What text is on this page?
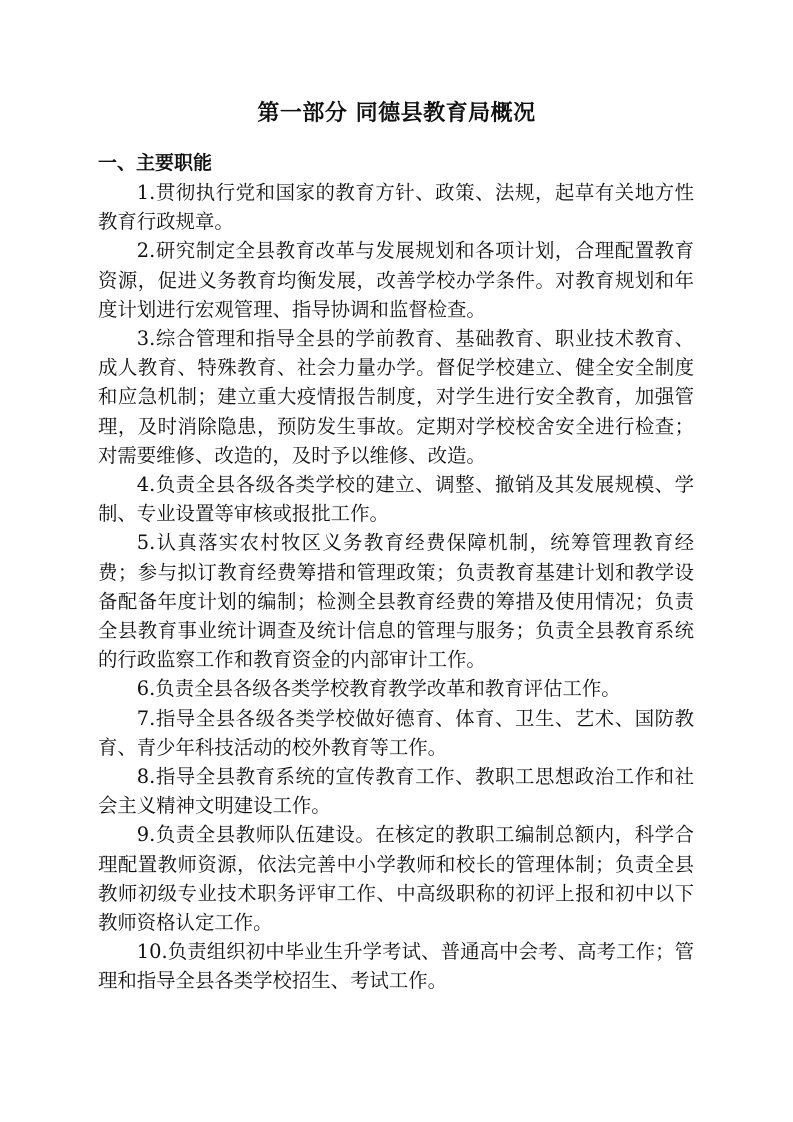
第一部分 同德县教育局概况
一、主要职能

1.贯彻执行党和国家的教育方针、政策、法规，起草有关地方性教育行政规章。

2.研究制定全县教育改革与发展规划和各项计划，合理配置教育资源，促进义务教育均衡发展，改善学校办学条件。对教育规划和年度计划进行宏观管理、指导协调和监督检查。

3.综合管理和指导全县的学前教育、基础教育、职业技术教育、成人教育、特殊教育、社会力量办学。督促学校建立、健全安全制度和应急机制；建立重大疫情报告制度，对学生进行安全教育，加强管理，及时消除隐患，预防发生事故。定期对学校校舍安全进行检查；对需要维修、改造的，及时予以维修、改造。

4.负责全县各级各类学校的建立、调整、撤销及其发展规模、学制、专业设置等审核或报批工作。

5.认真落实农村牧区义务教育经费保障机制，统筹管理教育经费；参与拟订教育经费筹措和管理政策；负责教育基建计划和教学设备配备年度计划的编制；检测全县教育经费的筹措及使用情况；负责全县教育事业统计调查及统计信息的管理与服务；负责全县教育系统的行政监察工作和教育资金的内部审计工作。

6.负责全县各级各类学校教育教学改革和教育评估工作。

7.指导全县各级各类学校做好德育、体育、卫生、艺术、国防教育、青少年科技活动的校外教育等工作。

8.指导全县教育系统的宣传教育工作、教职工思想政治工作和社会主义精神文明建设工作。

9.负责全县教师队伍建设。在核定的教职工编制总额内，科学合理配置教师资源，依法完善中小学教师和校长的管理体制；负责全县教师初级专业技术职务评审工作、中高级职称的初评上报和初中以下教师资格认定工作。

10.负责组织初中毕业生升学考试、普通高中会考、高考工作；管理和指导全县各类学校招生、考试工作。
